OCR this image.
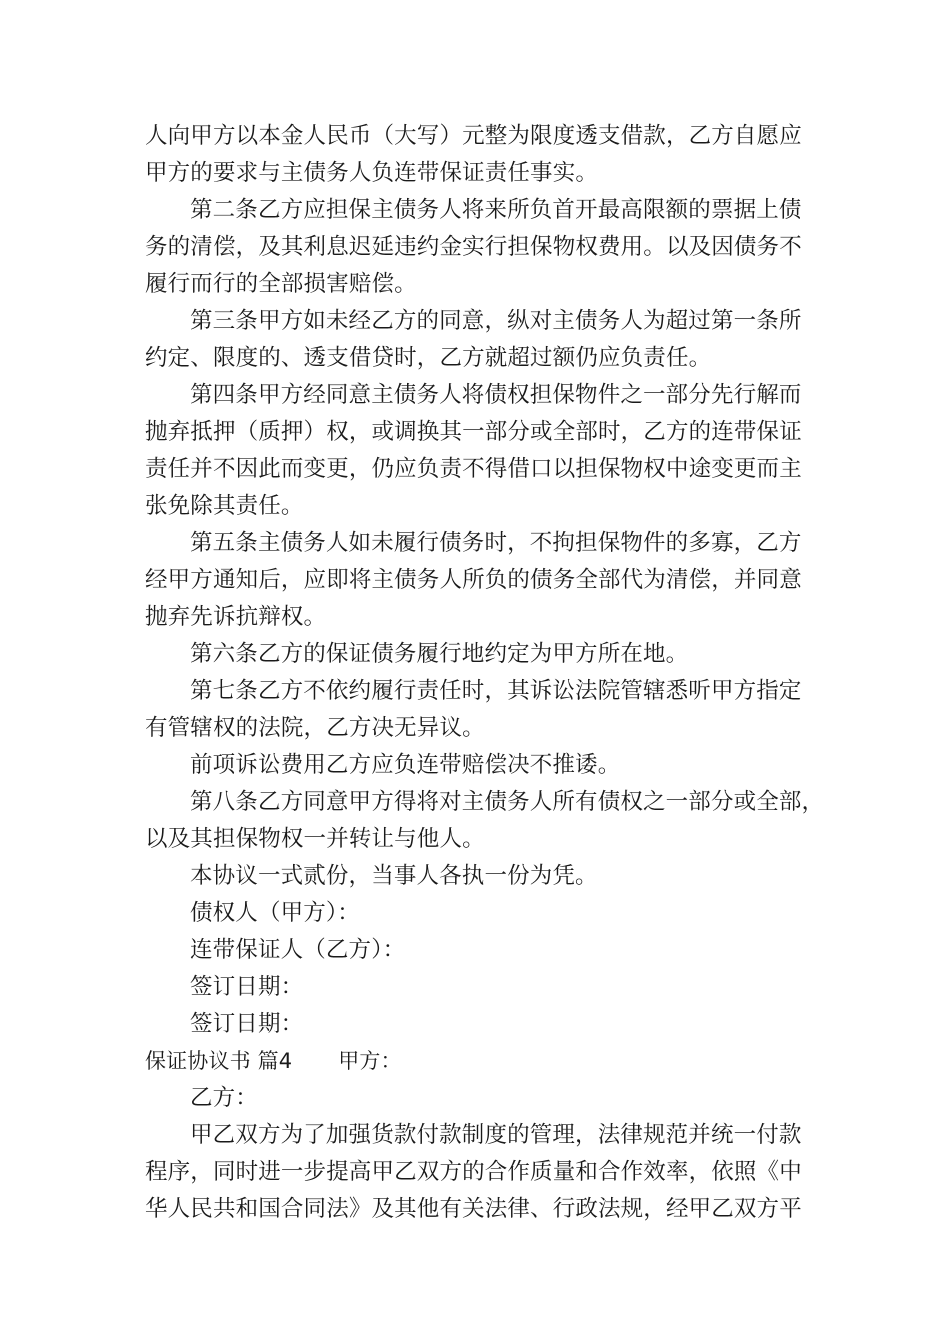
人向甲方以本金人民币（大写）元整为限度透支借款，乙方自愿应
甲方的要求与主债务人负连带保证责任事实。
第二条乙方应担保主债务人将来所负首开最高限额的票据上债
务的清偿，及其利息迟延违约金实行担保物权费用。以及因债务不
履行而行的全部损害赔偿。
第三条甲方如未经乙方的同意，纵对主债务人为超过第一条所
约定、限度的、透支借贷时，乙方就超过额仍应负责任。
第四条甲方经同意主债务人将债权担保物件之一部分先行解而
抛弃抵押（质押）权，或调换其一部分或全部时，乙方的连带保证
责任并不因此而变更，仍应负责不得借口以担保物权中途变更而主
张免除其责任。
第五条主债务人如未履行债务时，不拘担保物件的多寡，乙方
经甲方通知后，应即将主债务人所负的债务全部代为清偿，并同意
抛弃先诉抗辩权。
第六条乙方的保证债务履行地约定为甲方所在地。
第七条乙方不依约履行责任时，其诉讼法院管辖悉听甲方指定
有管辖权的法院，乙方决无异议。
前项诉讼费用乙方应负连带赔偿决不推诿。
第八条乙方同意甲方得将对主债务人所有债权之一部分或全部，
以及其担保物权一并转让与他人。
本协议一式贰份，当事人各执一份为凭。
债权人（甲方）：
连带保证人（乙方）：
签订日期：
签订日期：
保证协议书 篇4 甲方：
乙方：
甲乙双方为了加强货款付款制度的管理，法律规范并统一付款
程序，同时进一步提高甲乙双方的合作质量和合作效率，依照《中
华人民共和国合同法》及其他有关法律、行政法规，经甲乙双方平
